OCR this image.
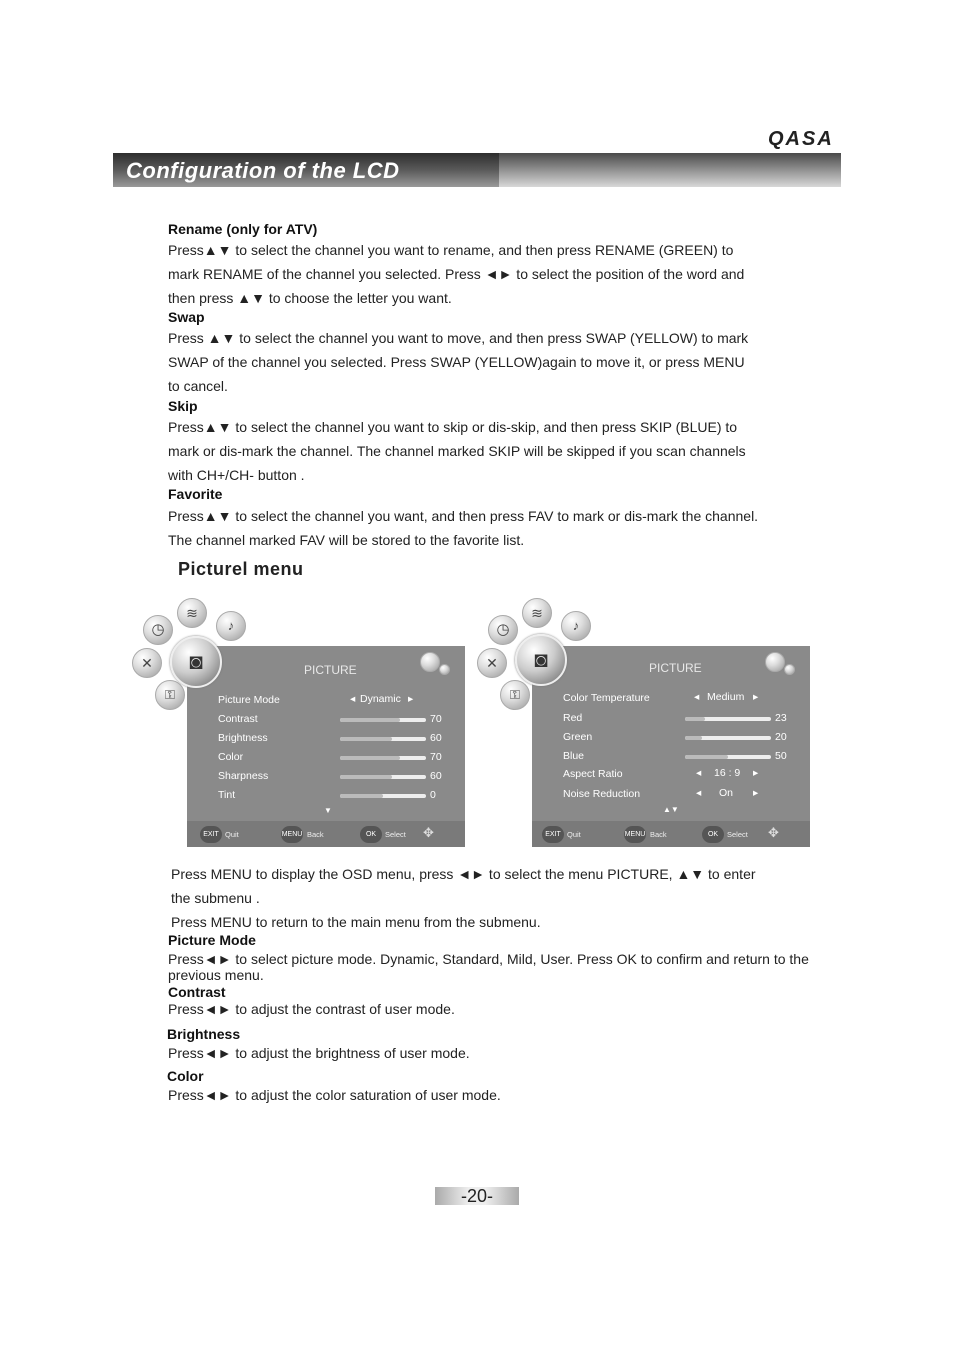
QASA
Configuration of the LCD
Rename (only for ATV)
Press▲▼ to select the channel you want to rename, and then press RENAME (GREEN) to
mark RENAME of the channel you selected. Press ◄► to select the position of the word and
then press ▲▼ to choose the letter you want.
Swap
Press ▲▼ to select the channel you want to move, and then press SWAP (YELLOW) to mark
SWAP of the channel you selected. Press SWAP (YELLOW)again to move it, or press MENU
to cancel.
Skip
Press▲▼ to select the channel you want to skip or dis-skip, and then press SKIP (BLUE) to
mark or dis-mark the channel. The channel marked SKIP will be skipped if you scan channels
with CH+/CH- button .
Favorite
Press▲▼ to select the channel you want, and then press FAV to mark or dis-mark the channel.
The channel marked FAV will be stored to the favorite list.
Picturel menu
≋
♪
◷
✕
⚿
PICTURE
Picture Mode	◂ Dynamic ▸
Contrast	70
Brightness	60
Color	70
Sharpness	60
Tint	0
▼
EXIT Quit	MENU Back	OK	Select ✥
◙
≋
♪
◷
✕
⚿
PICTURE
Color Temperature	◂ Medium ▸
Red	23
Green	20
Blue	50
Aspect Ratio	◂ 16 : 9 ▸
Noise Reduction	◂ On ▸
▲▼
EXIT Quit	MENU Back	OK	Select ✥
◙
Press MENU to display the OSD menu, press ◄► to select the menu PICTURE, ▲▼ to enter
the submenu .
Press MENU to return to the main menu from the submenu.
Picture Mode
Press◄► to select picture mode. Dynamic, Standard, Mild, User. Press OK to confirm and return to the previous menu.
Contrast
Press◄► to adjust the contrast of user mode.
Brightness
Press◄► to adjust the brightness of user mode.
Color
Press◄► to adjust the color saturation of user mode.
-20-
